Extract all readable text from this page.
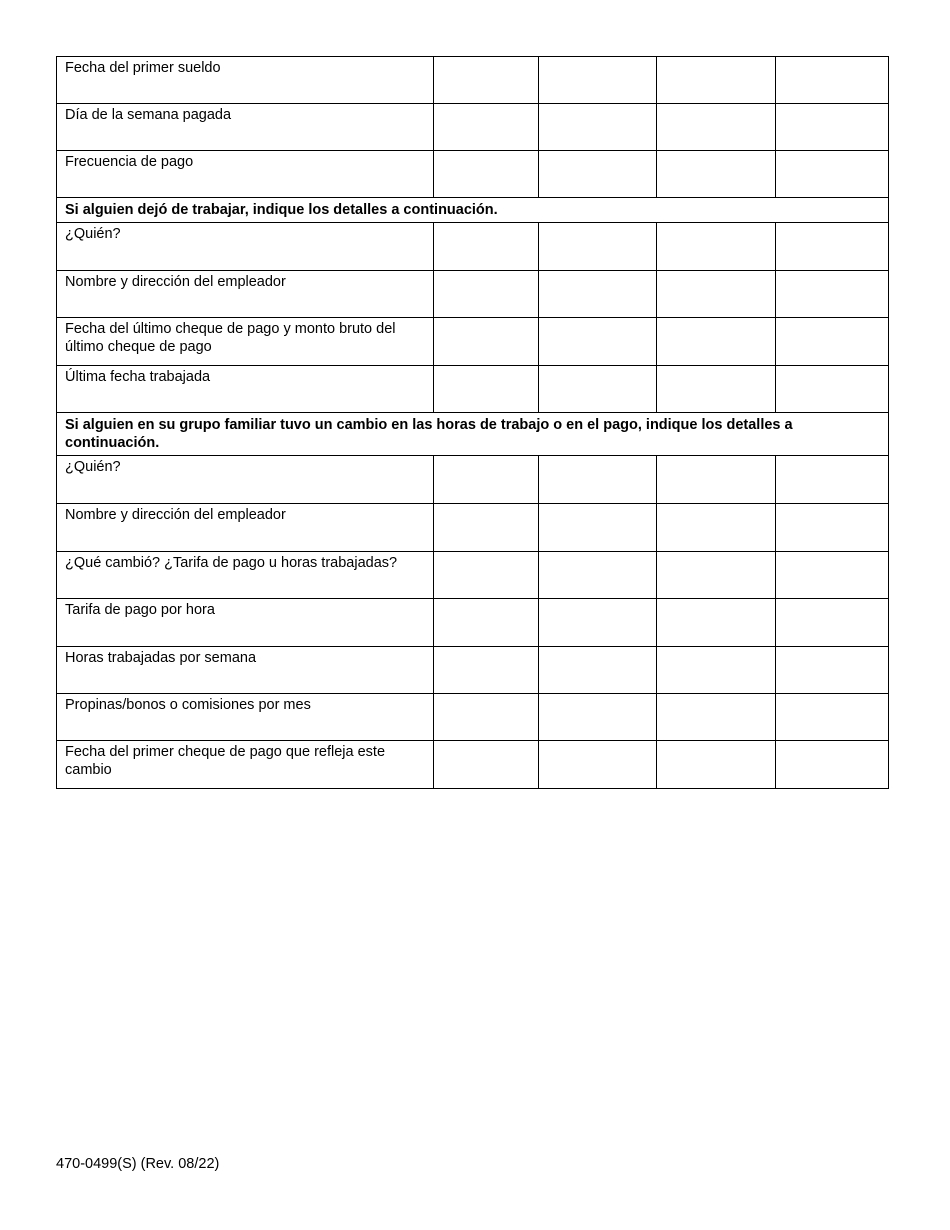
Fecha del primer sueldo				
Día de la semana pagada				
Frecuencia de pago				
Si alguien dejó de trabajar, indique los detalles a continuación.				
¿Quién?				
Nombre y dirección del empleador				
Fecha del último cheque de pago y monto bruto del último cheque de pago				
Última fecha trabajada				
Si alguien en su grupo familiar tuvo un cambio en las horas de trabajo o en el pago, indique los detalles a continuación.				
¿Quién?				
Nombre y dirección del empleador				
¿Qué cambió? ¿Tarifa de pago u horas trabajadas?				
Tarifa de pago por hora				
Horas trabajadas por semana				
Propinas/bonos o comisiones por mes				
Fecha del primer cheque de pago que refleja este cambio				
470-0499(S) (Rev. 08/22)
